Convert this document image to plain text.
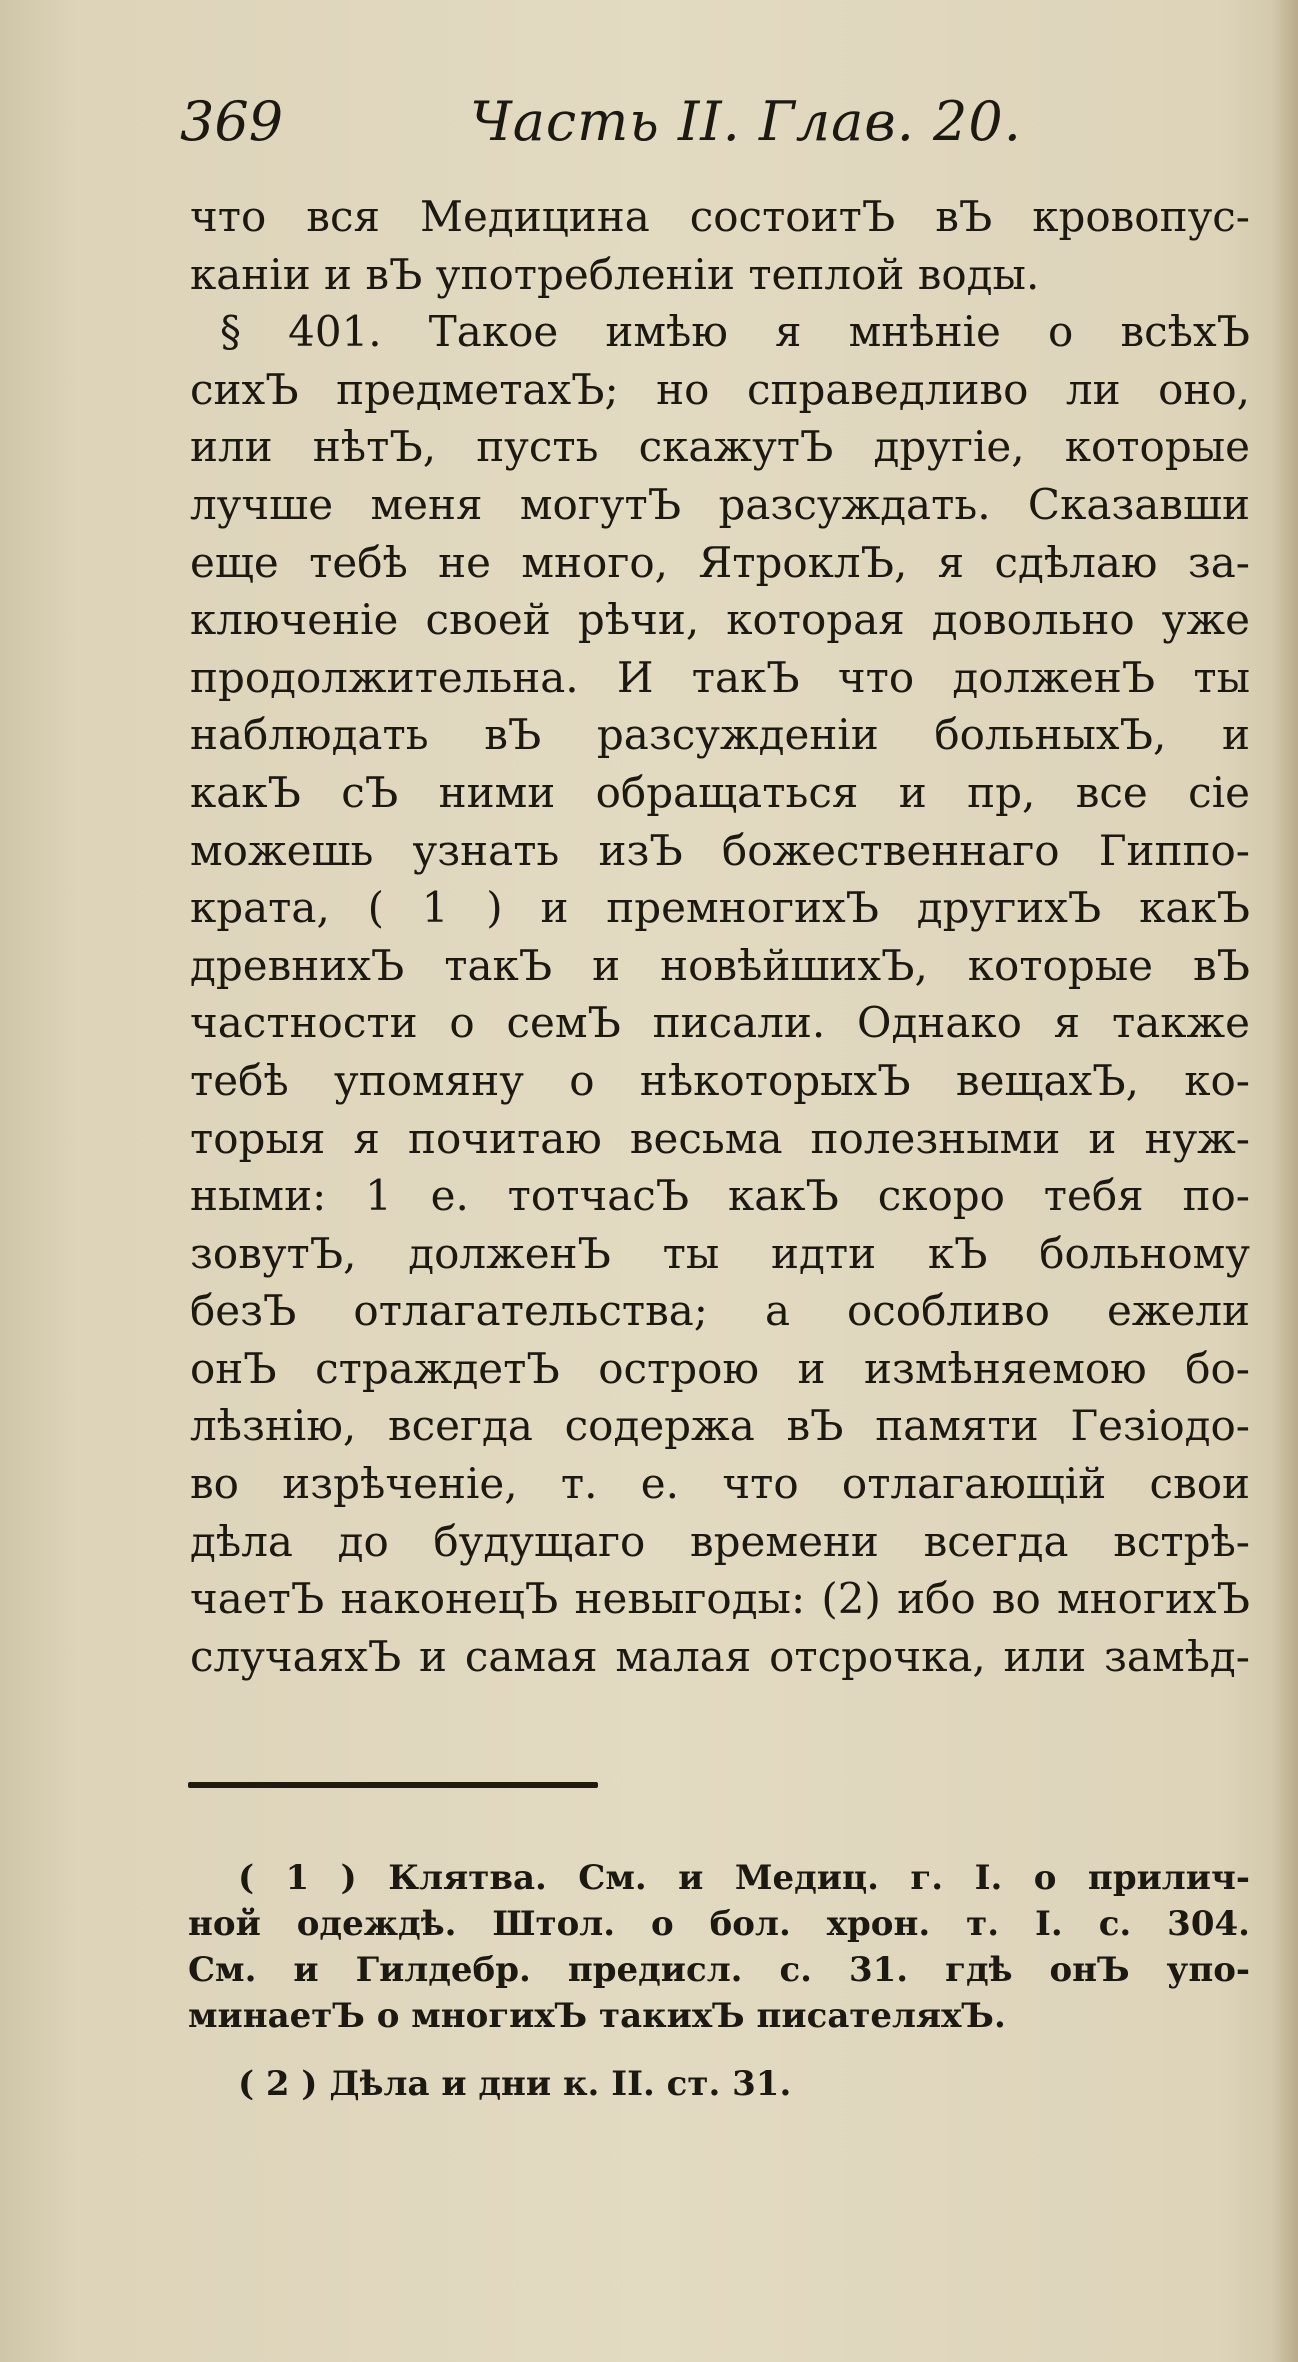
369	Часть II. Глав. 20.
что вся Медицина состоитЪ вЪ кровопус-
каніи и вЪ употребленіи теплой воды.
§ 401. Такое имѣю я мнѣніе о всѣхЪ
сихЪ предметахЪ; но справедливо ли оно,
или нѣтЪ, пусть скажутЪ другіе, которые
лучше меня могутЪ разсуждать. Сказавши
еще тебѣ не много, ЯтроклЪ, я сдѣлаю за-
ключеніе своей рѣчи, которая довольно уже
продолжительна. И такЪ что долженЪ ты
наблюдать вЪ разсужденіи больныхЪ, и
какЪ сЪ ними обращаться и пр, все сіе
можешь узнать изЪ божественнаго Гиппо-
крата, ( 1 ) и премногихЪ другихЪ какЪ
древнихЪ такЪ и новѣйшихЪ, которые вЪ
частности о семЪ писали. Однако я также
тебѣ упомяну о нѣкоторыхЪ вещахЪ, ко-
торыя я почитаю весьма полезными и нуж-
ными: 1 е. тотчасЪ какЪ скоро тебя по-
зовутЪ, долженЪ ты идти кЪ больному
безЪ отлагательства; а особливо ежели
онЪ страждетЪ острою и измѣняемою бо-
лѣзнію, всегда содержа вЪ памяти Гезіодо-
во изрѣченіе, т. е. что отлагающій свои
дѣла до будущаго времени всегда встрѣ-
чаетЪ наконецЪ невыгоды: (2) ибо во многихЪ
случаяхЪ и самая малая отсрочка, или замѣд-
( 1 ) Клятва. См. и Медиц. г. I. о прилич-
ной одеждѣ. Штол. о бол. хрон. т. I. с. 304.
См. и Гилдебр. предисл. с. 31. гдѣ онЪ упо-
минаетЪ о многихЪ такихЪ писателяхЪ.
( 2 ) Дѣла и дни к. II. ст. 31.
